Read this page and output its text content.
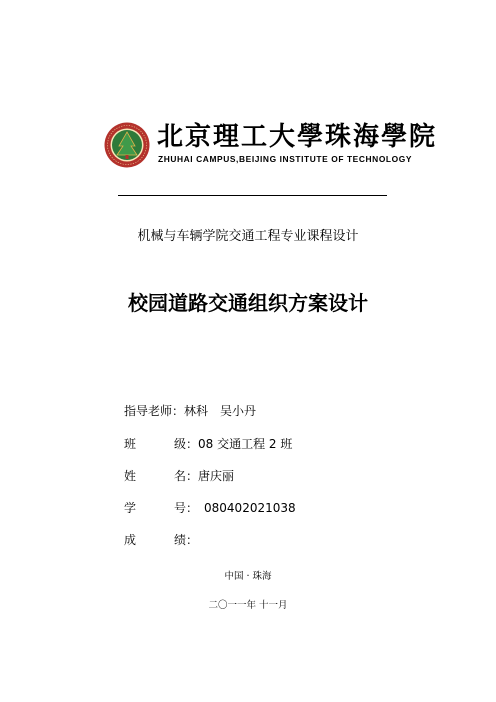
北京理工大學珠海學院
ZHUHAI CAMPUS,BEIJING INSTITUTE OF TECHNOLOGY
机械与车辆学院交通工程专业课程设计
校园道路交通组织方案设计
指导老师：林科　吴小丹
班	级：08 交通工程 2 班
姓	名：唐庆丽
学	号： 080402021038
成	绩：
中国 · 珠海
二〇一一年 十一月
